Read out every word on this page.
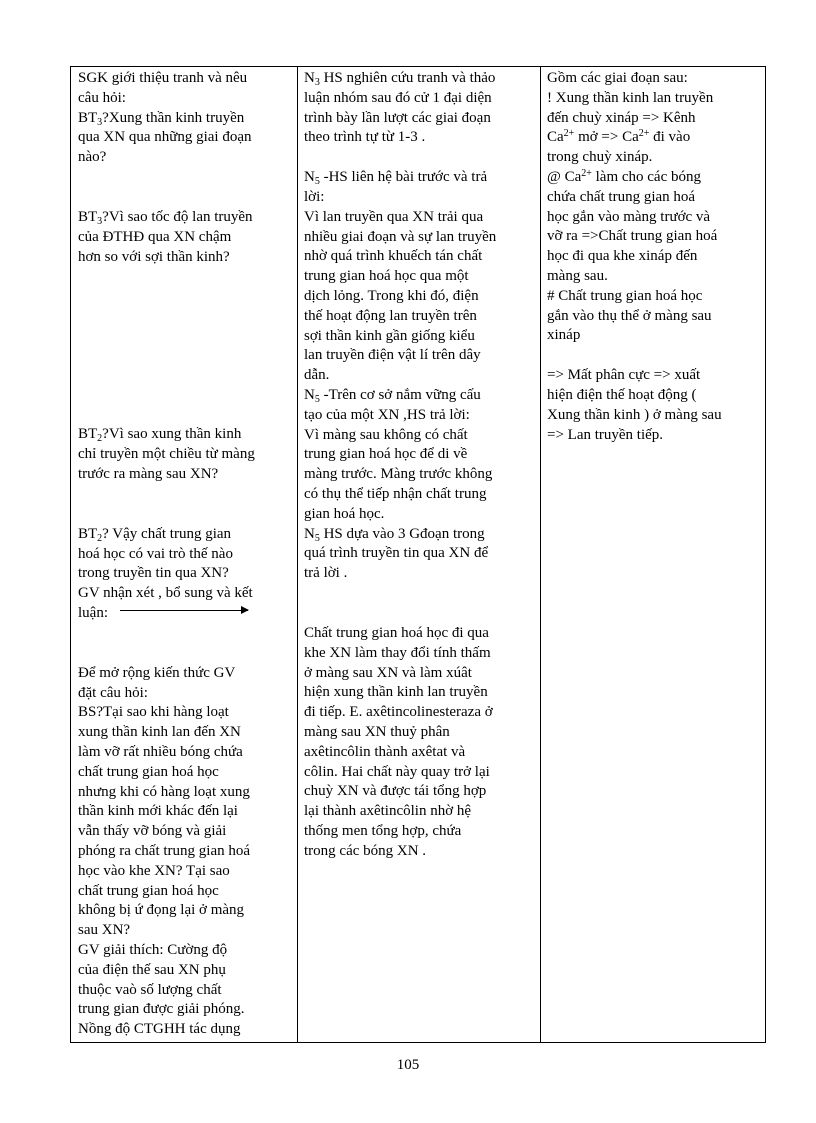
SGK giới thiệu tranh và nêu
câu hỏi:
$BT_3?Xung$ thần kinh truyền
qua XN qua những giai đoạn
nào?
$BT_3?Vì$ sao tốc độ lan truyền
của ĐTHĐ qua XN chậm
hơn so với sợi thần kinh?
$BT_2?Vì$ sao xung thần kinh
chỉ truyền một chiều từ màng
trước ra màng sau XN?
$BT_2$? Vậy chất trung gian
hoá học có vai trò thế nào
trong truyền tin qua XN?
GV nhận xét , bổ sung và kết
luận:
Để mở rộng kiến thức GV
đặt câu hỏi:
BS?Tại sao khi hàng loạt
xung thần kinh lan đến XN
làm vỡ rất nhiều bóng chứa
chất trung gian hoá học
nhưng khi có hàng loạt xung
thần kinh mới khác đến lại
vẫn thấy vỡ bóng và giải
phóng ra chất trung gian hoá
học vào khe XN? Tại sao
chất trung gian hoá học
không bị ứ đọng lại ở màng
sau XN?
GV giải thích: Cường độ
của điện thế sau XN phụ
thuộc vaò số lượng chất
trung gian được giải phóng.
Nồng độ CTGHH tác dụng
$N_3$ HS nghiên cứu tranh và thảo
luận nhóm sau đó cử 1 đại diện
trình bày lần lượt các giai đoạn
theo trình tự từ 1-3 .
$N_5$ -HS liên hệ bài trước và trả
lời:
Vì lan truyền qua XN trải qua
nhiều giai đoạn và sự lan truyền
nhờ quá trình khuếch tán chất
trung gian hoá học qua một
dịch lỏng. Trong khi đó, điện
thế hoạt động lan truyền trên
sợi thần kinh gần giống kiểu
lan truyền điện vật lí trên dây
dẫn.
$N_5$ -Trên cơ sở nắm vững cấu
tạo của một XN ,HS trả lời:
Vì màng sau không có chất
trung gian hoá học để di về
màng trước. Màng trước không
có thụ thể tiếp nhận chất trung
gian hoá học.
$N_5$ HS dựa vào 3 Gđoạn trong
quá trình truyền tin qua XN để
trả lời .
Chất trung gian hoá học đi qua
khe XN làm thay đổi tính thấm
ở màng sau XN và làm xúât
hiện xung thần kinh lan truyền
đi tiếp. E. axêtincolinesteraza ở
màng sau XN thuỷ phân
axêtincôlin thành axêtat và
côlin. Hai chất này quay trở lại
chuỳ XN và được tái tổng hợp
lại thành axêtincôlin nhờ hệ
thống men tổng hợp, chứa
trong các bóng XN .
Gồm các giai đoạn sau:
! Xung thần kinh lan truyền
đến chuỳ xináp => Kênh
$Ca^{2+}$ mở => $Ca^{2+}$ đi vào
trong chuỳ xináp.
@ $Ca^{2+}$ làm cho các bóng
chứa chất trung gian hoá
học gắn vào màng trước và
vỡ ra =>Chất trung gian hoá
học đi qua khe xináp đến
màng sau.
# Chất trung gian hoá học
gắn vào thụ thể ở màng sau
xináp
=> Mất phân cực => xuất
hiện điện thế hoạt động (
Xung thần kinh ) ở màng sau
=> Lan truyền tiếp.
105
